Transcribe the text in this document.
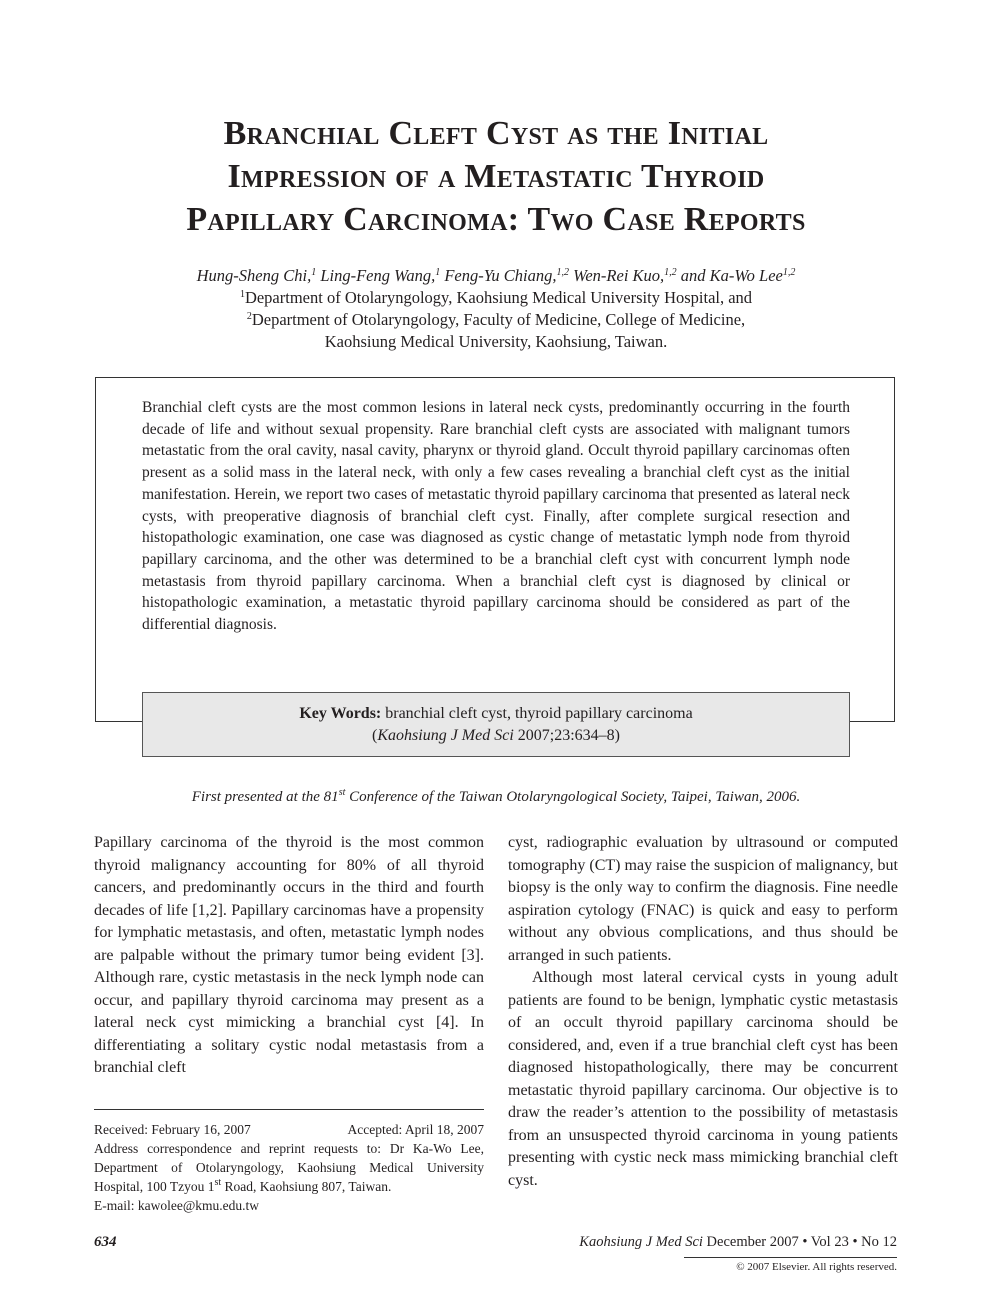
Branchial Cleft Cyst as the Initial
Impression of a Metastatic Thyroid
Papillary Carcinoma: Two Case Reports
Hung-Sheng Chi,$^1$ Ling-Feng Wang,$^1$ Feng-Yu Chiang,$^{1,2}$ Wen-Rei Kuo,$^{1,2}$ and Ka-Wo Lee$^{1,2}$
$^1$Department of Otolaryngology, Kaohsiung Medical University Hospital, and
$^2$Department of Otolaryngology, Faculty of Medicine, College of Medicine,
Kaohsiung Medical University, Kaohsiung, Taiwan.

Branchial cleft cysts are the most common lesions in lateral neck cysts, predominantly occurring in the fourth decade of life and without sexual propensity. Rare branchial cleft cysts are associated with malignant tumors metastatic from the oral cavity, nasal cavity, pharynx or thyroid gland. Occult thyroid papillary carcinomas often present as a solid mass in the lateral neck, with only a few cases revealing a branchial cleft cyst as the initial manifestation. Herein, we report two cases of metastatic thyroid papillary carcinoma that presented as lateral neck cysts, with preoperative diagnosis of branchial cleft cyst. Finally, after complete surgical resection and histopathologic examination, one case was diagnosed as cystic change of metastatic lymph node from thyroid papillary carcinoma, and the other was determined to be a branchial cleft cyst with concurrent lymph node metastasis from thyroid papillary carcinoma. When a branchial cleft cyst is diagnosed by clinical or histopathologic examination, a metastatic thyroid papillary carcinoma should be considered as part of the differential diagnosis.

Key Words: branchial cleft cyst, thyroid papillary carcinoma
(Kaohsiung J Med Sci 2007;23:634–8)
First presented at the 81st Conference of the Taiwan Otolaryngological Society, Taipei, Taiwan, 2006.

Papillary carcinoma of the thyroid is the most common thyroid malignancy accounting for 80% of all thyroid cancers, and predominantly occurs in the third and fourth decades of life [1,2]. Papillary carcinomas have a propensity for lymphatic metastasis, and often, metastatic lymph nodes are palpable without the primary tumor being evident [3]. Although rare, cystic metastasis in the neck lymph node can occur, and papillary thyroid carcinoma may present as a lateral neck cyst mimicking a branchial cyst [4]. In differentiating a solitary cystic nodal metastasis from a branchial cleft

cyst, radiographic evaluation by ultrasound or computed tomography (CT) may raise the suspicion of malignancy, but biopsy is the only way to confirm the diagnosis. Fine needle aspiration cytology (FNAC) is quick and easy to perform without any obvious complications, and thus should be arranged in such patients.

Although most lateral cervical cysts in young adult patients are found to be benign, lymphatic cystic metastasis of an occult thyroid papillary carcinoma should be considered, and, even if a true branchial cleft cyst has been diagnosed histopathologically, there may be concurrent metastatic thyroid papillary carcinoma. Our objective is to draw the reader’s attention to the possibility of metastasis from an unsuspected thyroid carcinoma in young patients presenting with cystic neck mass mimicking branchial cleft cyst.

Received: February 16, 2007	Accepted: April 18, 2007
Address correspondence and reprint requests to: Dr Ka-Wo Lee, Department of Otolaryngology, Kaohsiung Medical University Hospital, 100 Tzyou 1st Road, Kaohsiung 807, Taiwan.
E-mail: kawolee@kmu.edu.tw
634	Kaohsiung J Med Sci December 2007 • Vol 23 • No 12
© 2007 Elsevier. All rights reserved.
